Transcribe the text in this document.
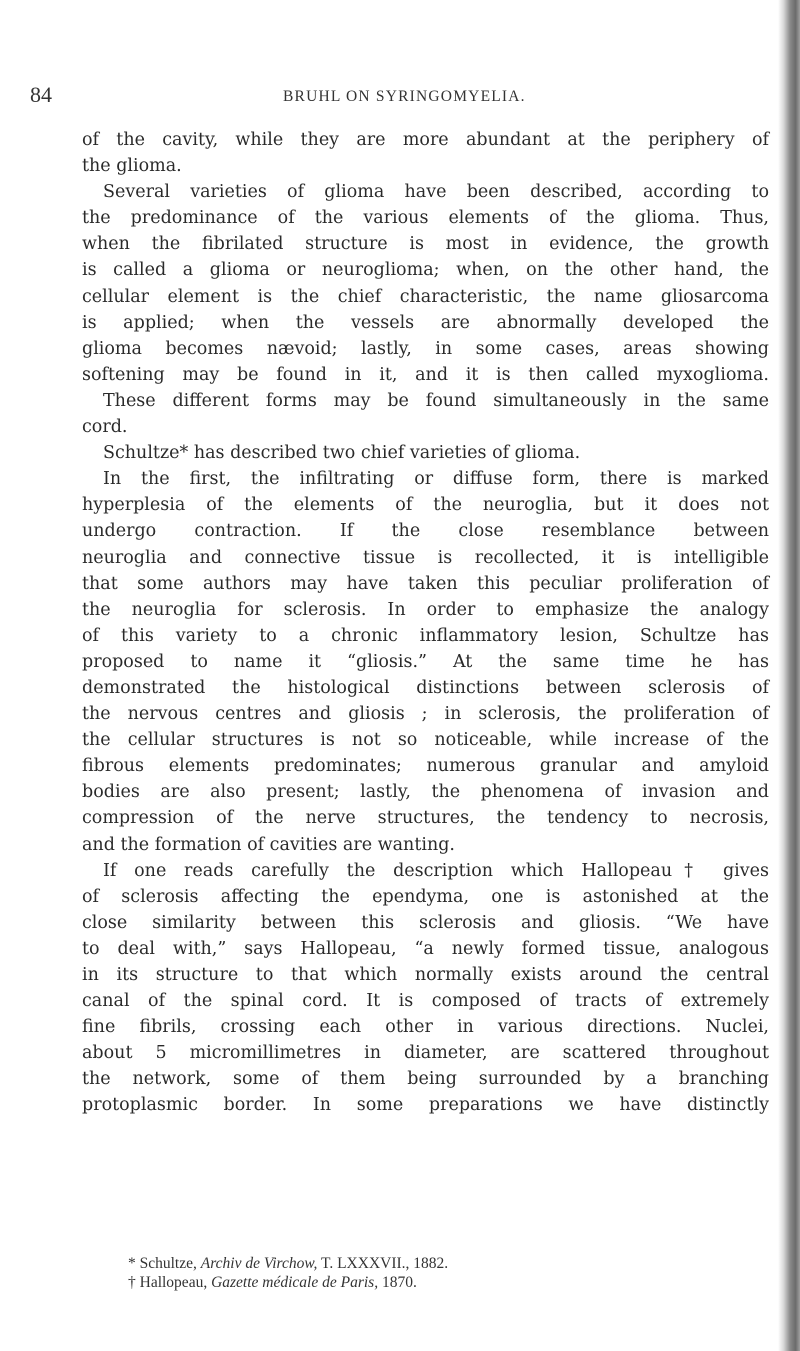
84	BRUHL ON SYRINGOMYELIA.
of the cavity, while they are more abundant at the periphery of
the glioma.
Several varieties of glioma have been described, according to
the predominance of the various elements of the glioma. Thus,
when the fibrilated structure is most in evidence, the growth
is called a glioma or neuroglioma; when, on the other hand, the
cellular element is the chief characteristic, the name gliosarcoma
is applied; when the vessels are abnormally developed the
glioma becomes nævoid; lastly, in some cases, areas showing
softening may be found in it, and it is then called myxoglioma.
These different forms may be found simultaneously in the same
cord.
Schultze* has described two chief varieties of glioma.
In the first, the infiltrating or diffuse form, there is marked
hyperplesia of the elements of the neuroglia, but it does not
undergo contraction. If the close resemblance between
neuroglia and connective tissue is recollected, it is intelligible
that some authors may have taken this peculiar proliferation of
the neuroglia for sclerosis. In order to emphasize the analogy
of this variety to a chronic inflammatory lesion, Schultze has
proposed to name it “gliosis.” At the same time he has
demonstrated the histological distinctions between sclerosis of
the nervous centres and gliosis ; in sclerosis, the proliferation of
the cellular structures is not so noticeable, while increase of the
fibrous elements predominates; numerous granular and amyloid
bodies are also present; lastly, the phenomena of invasion and
compression of the nerve structures, the tendency to necrosis,
and the formation of cavities are wanting.
If one reads carefully the description which Hallopeau† gives
of sclerosis affecting the ependyma, one is astonished at the
close similarity between this sclerosis and gliosis. “We have
to deal with,” says Hallopeau, “a newly formed tissue, analogous
in its structure to that which normally exists around the central
canal of the spinal cord. It is composed of tracts of extremely
fine fibrils, crossing each other in various directions. Nuclei,
about 5 micromillimetres in diameter, are scattered throughout
the network, some of them being surrounded by a branching
protoplasmic border. In some preparations we have distinctly
* Schultze, Archiv de Virchow, T. LXXXVII., 1882.
† Hallopeau, Gazette médicale de Paris, 1870.
